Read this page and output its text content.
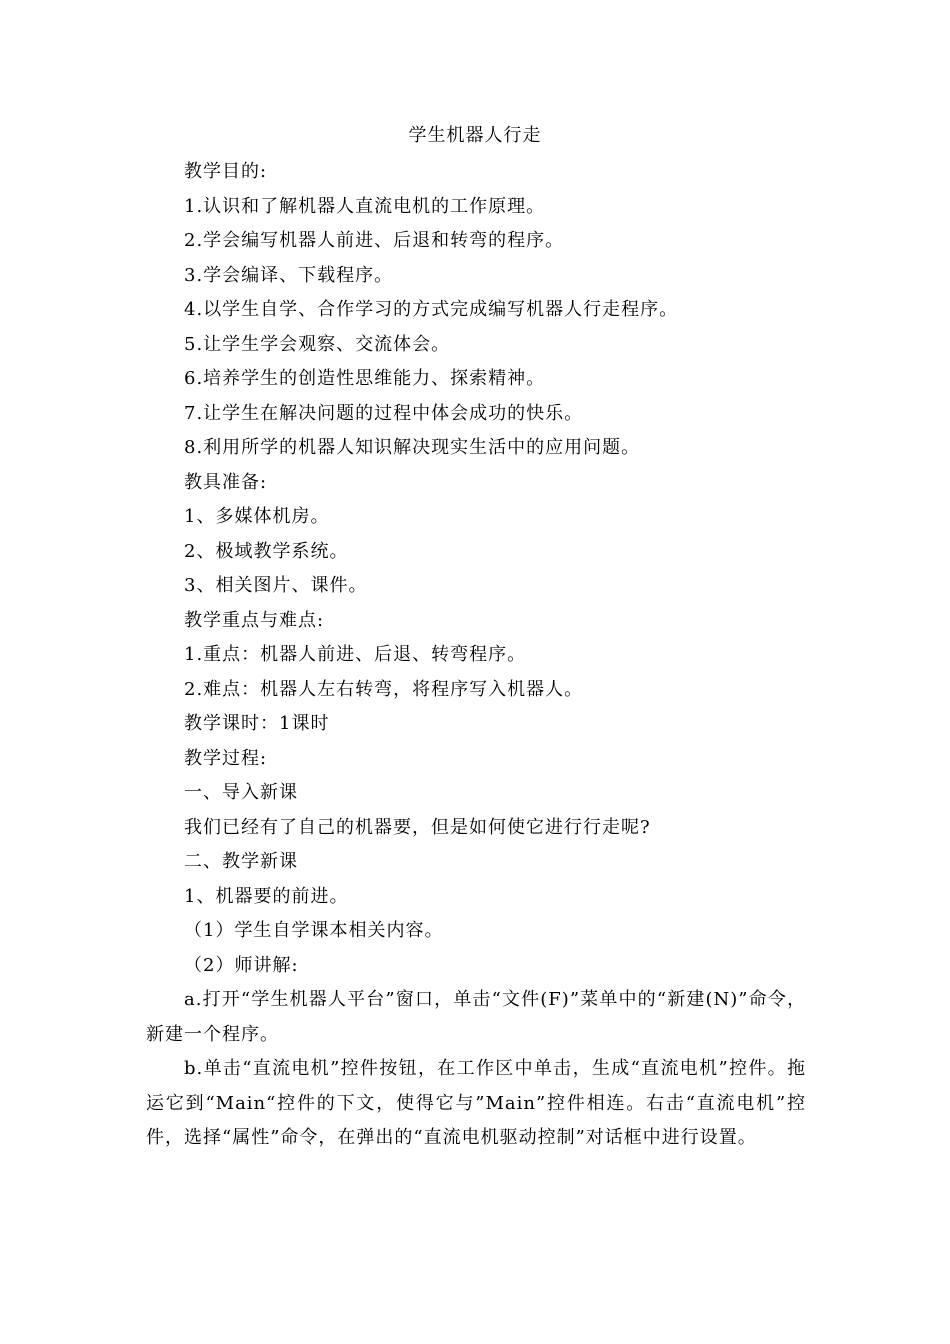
学生机器人行走
教学目的:
1.认识和了解机器人直流电机的工作原理。
2.学会编写机器人前进、后退和转弯的程序。
3.学会编译、下载程序。
4.以学生自学、合作学习的方式完成编写机器人行走程序。
5.让学生学会观察、交流体会。
6.培养学生的创造性思维能力、探索精神。
7.让学生在解决问题的过程中体会成功的快乐。
8.利用所学的机器人知识解决现实生活中的应用问题。
教具准备:
1、多媒体机房。
2、极域教学系统。
3、相关图片、课件。
教学重点与难点:
1.重点：机器人前进、后退、转弯程序。
2.难点：机器人左右转弯，将程序写入机器人。
教学课时：1课时
教学过程:
一、导入新课
我们已经有了自己的机器要，但是如何使它进行行走呢?
二、教学新课
1、机器要的前进。
（1）学生自学课本相关内容。
（2）师讲解:

a.打开“学生机器人平台”窗口，单击“文件(F)”菜单中的“新建(N)”命令，新建一个程序。

b.单击“直流电机”控件按钮，在工作区中单击，生成“直流电机”控件。拖运它到“Main“控件的下文，使得它与”Main”控件相连。右击“直流电机”控件，选择“属性”命令，在弹出的“直流电机驱动控制”对话框中进行设置。
